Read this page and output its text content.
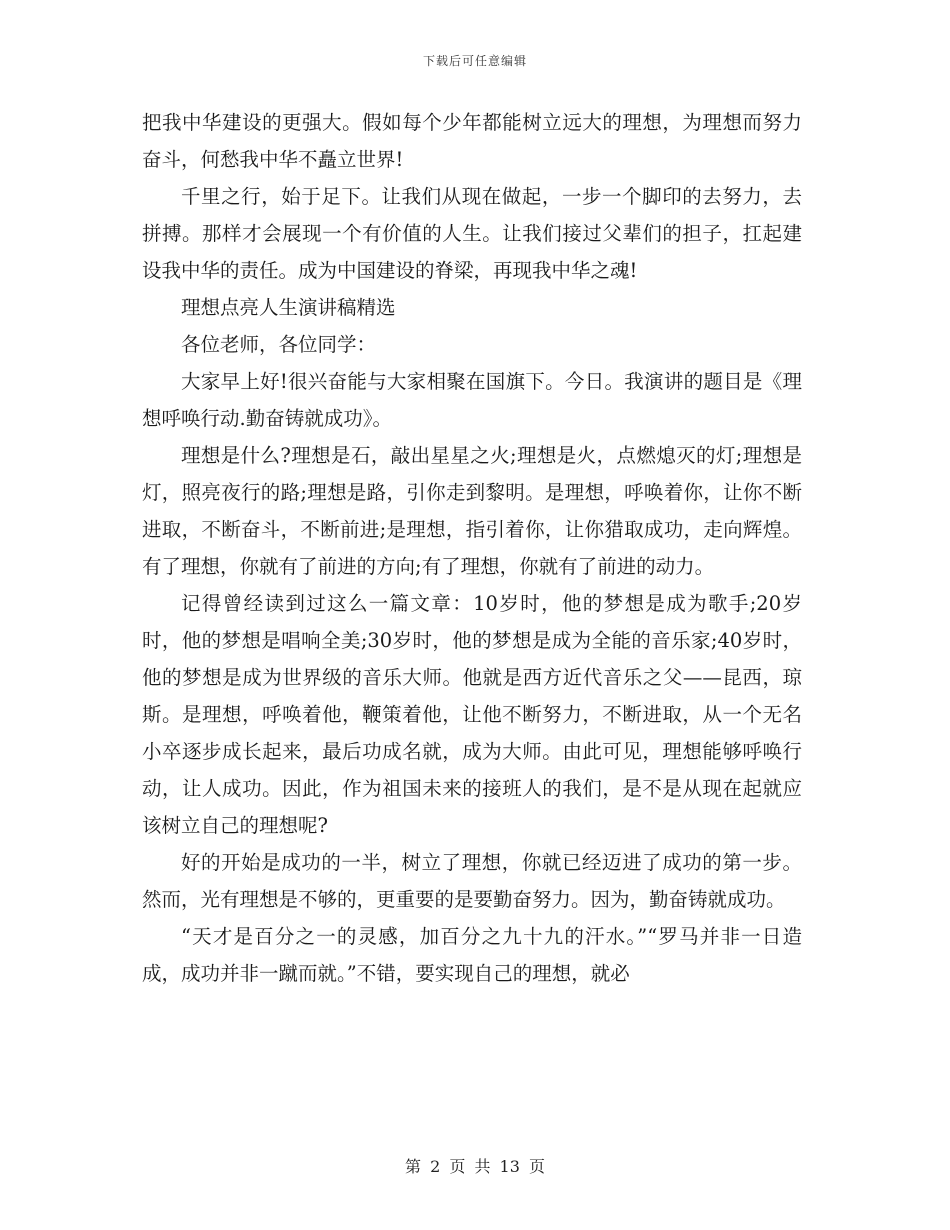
下载后可任意编辑

把我中华建设的更强大。假如每个少年都能树立远大的理想，为理想而努力奋斗，何愁我中华不矗立世界!

千里之行，始于足下。让我们从现在做起，一步一个脚印的去努力，去拼搏。那样才会展现一个有价值的人生。让我们接过父辈们的担子，扛起建设我中华的责任。成为中国建设的脊梁，再现我中华之魂!

理想点亮人生演讲稿精选

各位老师，各位同学：

大家早上好!很兴奋能与大家相聚在国旗下。今日。我演讲的题目是《理想呼唤行动.勤奋铸就成功》。

理想是什么?理想是石，敲出星星之火;理想是火，点燃熄灭的灯;理想是灯，照亮夜行的路;理想是路，引你走到黎明。是理想，呼唤着你，让你不断进取，不断奋斗，不断前进;是理想，指引着你，让你猎取成功，走向辉煌。有了理想，你就有了前进的方向;有了理想，你就有了前进的动力。

记得曾经读到过这么一篇文章：10岁时，他的梦想是成为歌手;20岁时，他的梦想是唱响全美;30岁时，他的梦想是成为全能的音乐家;40岁时，他的梦想是成为世界级的音乐大师。他就是西方近代音乐之父——昆西，琼斯。是理想，呼唤着他，鞭策着他，让他不断努力，不断进取，从一个无名小卒逐步成长起来，最后功成名就，成为大师。由此可见，理想能够呼唤行动，让人成功。因此，作为祖国未来的接班人的我们，是不是从现在起就应该树立自己的理想呢?

好的开始是成功的一半，树立了理想，你就已经迈进了成功的第一步。然而，光有理想是不够的，更重要的是要勤奋努力。因为，勤奋铸就成功。

“天才是百分之一的灵感，加百分之九十九的汗水。”“罗马并非一日造成，成功并非一蹴而就。”不错，要实现自己的理想，就必

第 2 页 共 13 页
